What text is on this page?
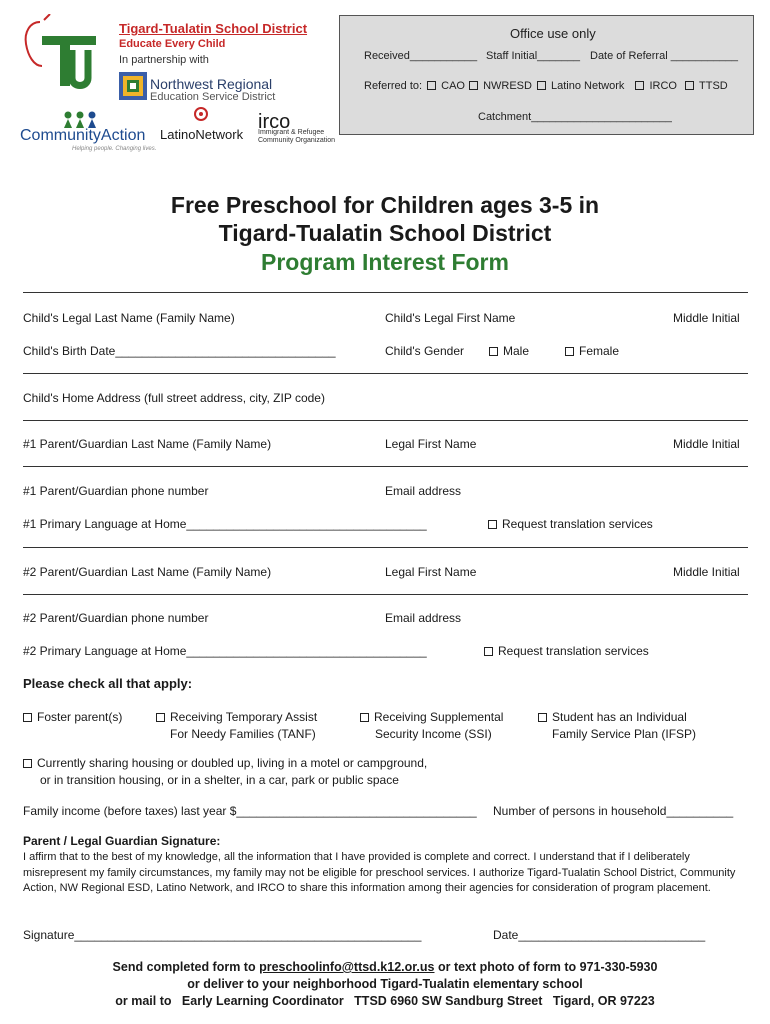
Tigard-Tualatin School District
Educate Every Child
In partnership with
Northwest Regional
Education Service District
CommunityAction
Helping people. Changing lives.
LatinoNetwork
irco
Immigrant & Refugee
Community Organization
Office use only
Received___________ Staff Initial_______ Date of Referral ___________
Referred to: CAO NWRESD Latino Network IRCO TTSD
Catchment_______________________
Free Preschool for Children ages 3-5 in
Tigard-Tualatin School District
Program Interest Form
Child's Legal Last Name (Family Name)	Child's Legal First Name	Middle Initial
Child's Birth Date_________________________________	Child's Gender	Male	Female
Child's Home Address (full street address, city, ZIP code)
#1 Parent/Guardian Last Name (Family Name)	Legal First Name	Middle Initial
#1 Parent/Guardian phone number	Email address
#1 Primary Language at Home____________________________________	Request translation services
#2 Parent/Guardian Last Name (Family Name)	Legal First Name	Middle Initial
#2 Parent/Guardian phone number	Email address
#2 Primary Language at Home____________________________________	Request translation services
Please check all that apply:
Foster parent(s)	Receiving Temporary Assist
For Needy Families (TANF)
Receiving Supplemental
Security Income (SSI)
Student has an Individual
Family Service Plan (IFSP)
Currently sharing housing or doubled up, living in a motel or campground,
or in transition housing, or in a shelter, in a car, park or public space
Family income (before taxes) last year $____________________________________ Number of persons in household__________
Parent / Legal Guardian Signature:
I affirm that to the best of my knowledge, all the information that I have provided is complete and correct. I understand that if I deliberately misrepresent my family circumstances, my family may not be eligible for preschool services. I authorize Tigard-Tualatin School District, Community Action, NW Regional ESD, Latino Network, and IRCO to share this information among their agencies for consideration of program placement.
Signature____________________________________________________	Date____________________________
Send completed form to preschoolinfo@ttsd.k12.or.us or text photo of form to 971-330-5930
or deliver to your neighborhood Tigard-Tualatin elementary school
or mail to   Early Learning Coordinator   TTSD 6960 SW Sandburg Street   Tigard, OR 97223
